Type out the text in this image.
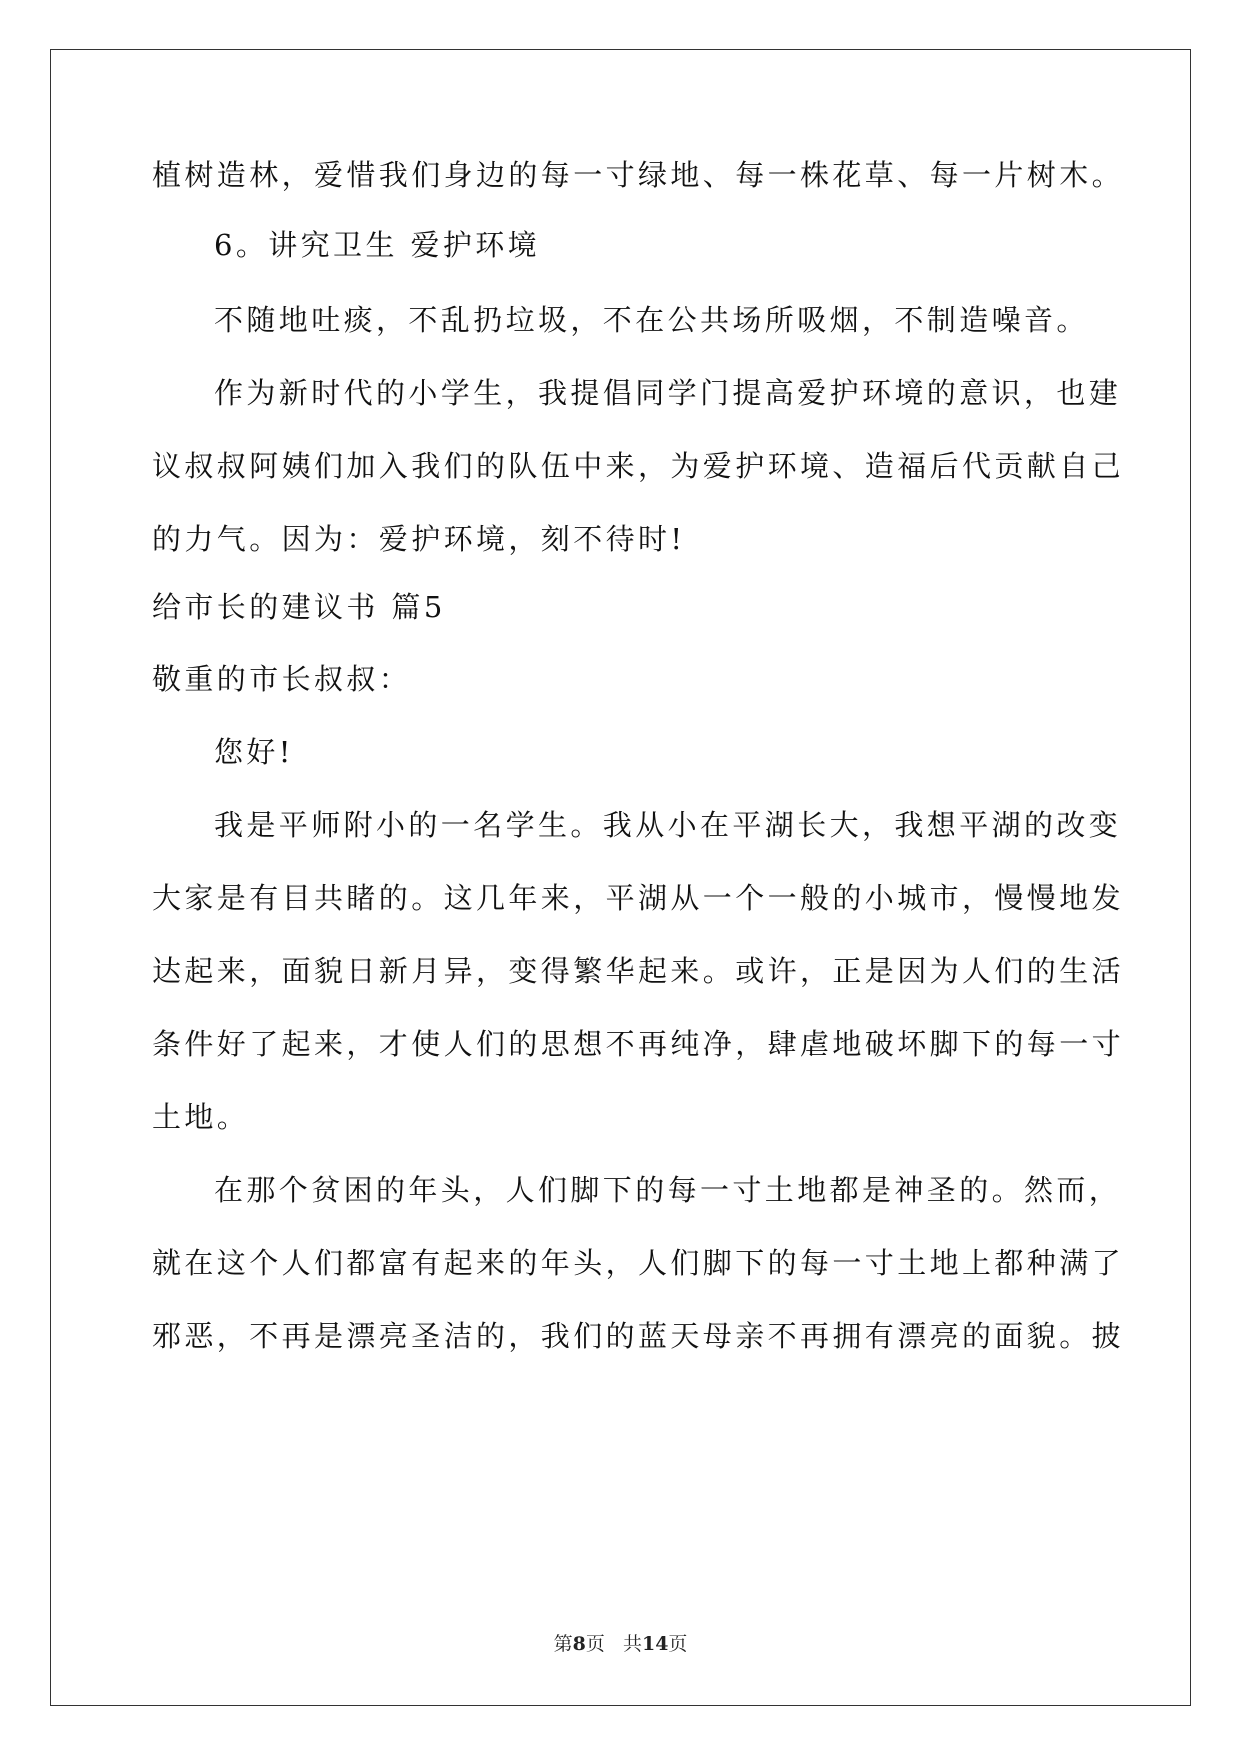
植树造林，爱惜我们身边的每一寸绿地、每一株花草、每一片树木。
6。讲究卫生 爱护环境
不随地吐痰，不乱扔垃圾，不在公共场所吸烟，不制造噪音。
作为新时代的小学生，我提倡同学门提高爱护环境的意识，也建
议叔叔阿姨们加入我们的队伍中来，为爱护环境、造福后代贡献自己
的力气。因为：爱护环境，刻不待时!
给市长的建议书 篇5
敬重的市长叔叔：
您好!
我是平师附小的一名学生。我从小在平湖长大，我想平湖的改变
大家是有目共睹的。这几年来，平湖从一个一般的小城市，慢慢地发
达起来，面貌日新月异，变得繁华起来。或许，正是因为人们的生活
条件好了起来，才使人们的思想不再纯净，肆虐地破坏脚下的每一寸
土地。
在那个贫困的年头，人们脚下的每一寸土地都是神圣的。然而，
就在这个人们都富有起来的年头，人们脚下的每一寸土地上都种满了
邪恶，不再是漂亮圣洁的，我们的蓝天母亲不再拥有漂亮的面貌。披
第8页 共14页
